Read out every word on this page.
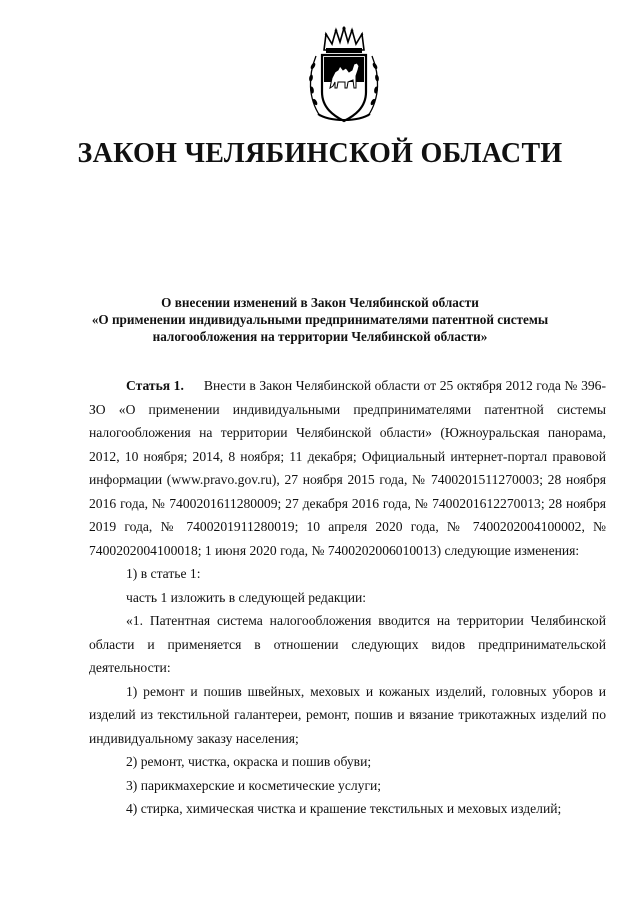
ЗАКОН ЧЕЛЯБИНСКОЙ ОБЛАСТИ
О внесении изменений в Закон Челябинской области
«О применении индивидуальными предпринимателями патентной системы
налогообложения на территории Челябинской области»
Статья 1. Внести в Закон Челябинской области от 25 октября 2012 года № 396-ЗО «О применении индивидуальными предпринимателями патентной системы налогообложения на территории Челябинской области» (Южноуральская панорама, 2012, 10 ноября; 2014, 8 ноября; 11 декабря; Официальный интернет-портал правовой информации (www.pravo.gov.ru), 27 ноября 2015 года, № 7400201511270003; 28 ноября 2016 года, № 7400201611280009; 27 декабря 2016 года, № 7400201612270013; 28 ноября 2019 года, № 7400201911280019; 10 апреля 2020 года, № 7400202004100002, № 7400202004100018; 1 июня 2020 года, № 7400202006010013) следующие изменения:
1) в статье 1:
часть 1 изложить в следующей редакции:
«1. Патентная система налогообложения вводится на территории Челябинской области и применяется в отношении следующих видов предпринимательской деятельности:
1) ремонт и пошив швейных, меховых и кожаных изделий, головных уборов и изделий из текстильной галантереи, ремонт, пошив и вязание трикотажных изделий по индивидуальному заказу населения;
2) ремонт, чистка, окраска и пошив обуви;
3) парикмахерские и косметические услуги;
4) стирка, химическая чистка и крашение текстильных и меховых изделий;
